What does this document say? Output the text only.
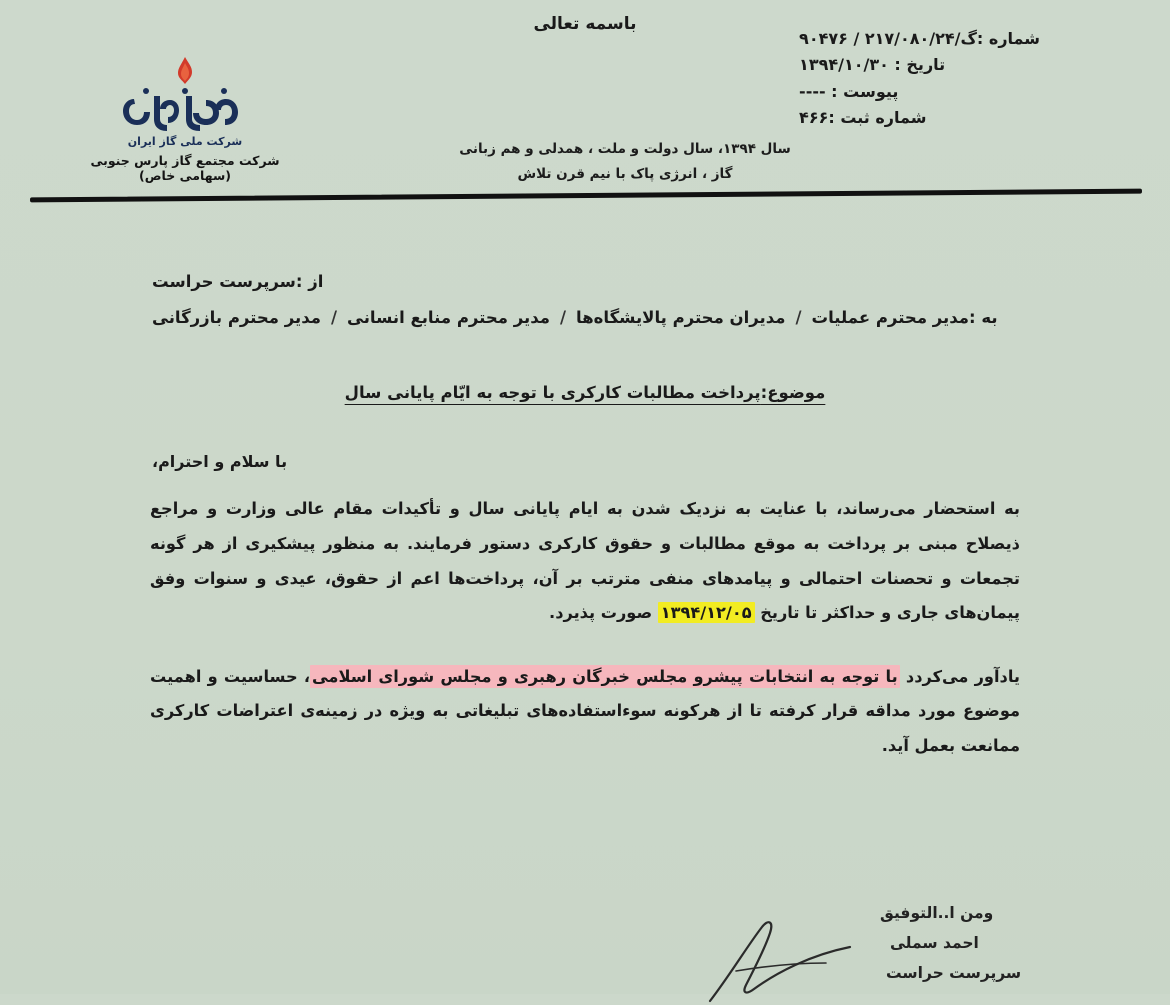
باسمه تعالی
شماره :گ/۲۱۷/۰۸۰/۲۴ / ۹۰۴۷۶
تاریخ : ۱۳۹۴/۱۰/۳۰
پیوست : ----
شماره ثبت :۴۶۶
سال ۱۳۹۴، سال دولت و ملت ، همدلی و هم زبانی
گاز ، انرژی پاک با نیم قرن تلاش
شرکت ملی گاز ایران
شرکت مجتمع گاز پارس جنوبی (سهامی خاص)
از :سرپرست حراست
به :مدیر محترم عملیات/مدیران محترم پالایشگاه‌ها/مدیر محترم منابع انسانی/مدیر محترم بازرگانی
موضوع:پرداخت مطالبات کارکری با توجه به ایّام پایانی سال
با سلام و احترام،
به استحضار می‌رساند، با عنایت به نزدیک شدن به ایام پایانی سال و تأکیدات مقام عالی وزارت و مراجع ذیصلاح مبنی بر پرداخت به موقع مطالبات و حقوق کارکری دستور فرمایند. به منظور پیشکیری از هر گونه تجمعات و تحصنات احتمالی و پیامدهای منفی مترتب بر آن، پرداخت‌ها اعم از حقوق، عیدی و سنوات وفق پیمان‌های جاری و حداکثر تا تاریخ ۱۳۹۴/۱۲/۰۵ صورت پذیرد.
یادآور می‌کردد با توجه به انتخابات پیشرو مجلس خبرگان رهبری و مجلس شورای اسلامی، حساسیت و اهمیت موضوع مورد مداقه قرار کرفته تا از هرکونه سوء‌استفاده‌های تبلیغاتی به ویژه در زمینه‌ی اعتراضات کارکری ممانعت بعمل آید.
ومن ا..التوفیق
احمد سملی
سرپرست حراست
